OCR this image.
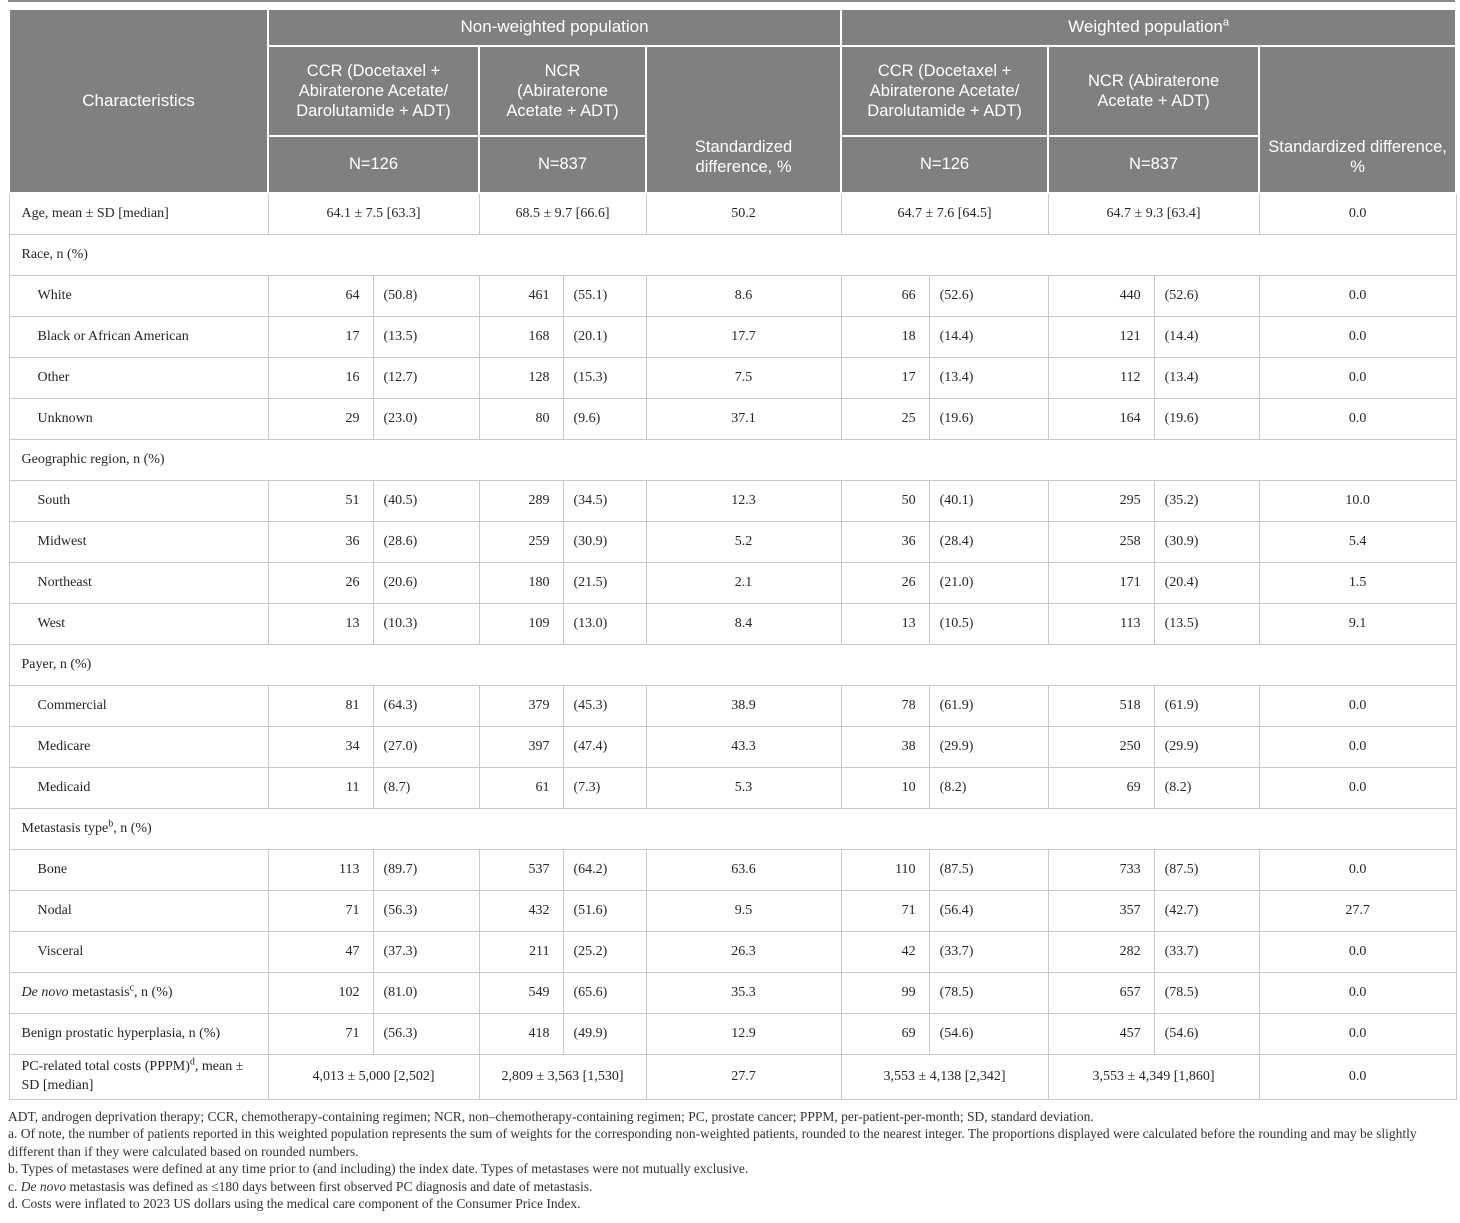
Characteristics	Non-weighted population					Weighted population$^a$
	CCR (Docetaxel + Abiraterone Acetate/ Darolutamide + ADT)		NCR (Abiraterone Acetate + ADT)		Standardized difference, %	CCR (Docetaxel + Abiraterone Acetate/ Darolutamide + ADT)		NCR (Abiraterone Acetate + ADT)		Standardized difference, %
	N=126		N=837			N=126		N=837		
Age, mean ± SD [median]	64.1 ± 7.5 [63.3]		68.5 ± 9.7 [66.6]		50.2	64.7 ± 7.6 [64.5]		64.7 ± 9.3 [63.4]		0.0
Race, n (%)										
White	64	(50.8)	461	(55.1)	8.6	66	(52.6)	440	(52.6)	0.0
Black or African American	17	(13.5)	168	(20.1)	17.7	18	(14.4)	121	(14.4)	0.0
Other	16	(12.7)	128	(15.3)	7.5	17	(13.4)	112	(13.4)	0.0
Unknown	29	(23.0)	80	(9.6)	37.1	25	(19.6)	164	(19.6)	0.0
Geographic region, n (%)										
South	51	(40.5)	289	(34.5)	12.3	50	(40.1)	295	(35.2)	10.0
Midwest	36	(28.6)	259	(30.9)	5.2	36	(28.4)	258	(30.9)	5.4
Northeast	26	(20.6)	180	(21.5)	2.1	26	(21.0)	171	(20.4)	1.5
West	13	(10.3)	109	(13.0)	8.4	13	(10.5)	113	(13.5)	9.1
Payer, n (%)										
Commercial	81	(64.3)	379	(45.3)	38.9	78	(61.9)	518	(61.9)	0.0
Medicare	34	(27.0)	397	(47.4)	43.3	38	(29.9)	250	(29.9)	0.0
Medicaid	11	(8.7)	61	(7.3)	5.3	10	(8.2)	69	(8.2)	0.0
Metastasis type$^b$, n (%)										
Bone	113	(89.7)	537	(64.2)	63.6	110	(87.5)	733	(87.5)	0.0
Nodal	71	(56.3)	432	(51.6)	9.5	71	(56.4)	357	(42.7)	27.7
Visceral	47	(37.3)	211	(25.2)	26.3	42	(33.7)	282	(33.7)	0.0
De novo metastasis$^c$, n (%)	102	(81.0)	549	(65.6)	35.3	99	(78.5)	657	(78.5)	0.0
Benign prostatic hyperplasia, n (%)	71	(56.3)	418	(49.9)	12.9	69	(54.6)	457	(54.6)	0.0
PC-related total costs (PPPM)$^d$, mean ± SD [median]	4,013 ± 5,000 [2,502]		2,809 ± 3,563 [1,530]		27.7	3,553 ± 4,138 [2,342]		3,553 ± 4,349 [1,860]		0.0
ADT, androgen deprivation therapy; CCR, chemotherapy-containing regimen; NCR, non–chemotherapy-containing regimen; PC, prostate cancer; PPPM, per-patient-per-month; SD, standard deviation.
a. Of note, the number of patients reported in this weighted population represents the sum of weights for the corresponding non-weighted patients, rounded to the nearest integer. The proportions displayed were calculated before the rounding and may be slightly different than if they were calculated based on rounded numbers.
b. Types of metastases were defined at any time prior to (and including) the index date. Types of metastases were not mutually exclusive.
c. De novo metastasis was defined as ≤180 days between first observed PC diagnosis and date of metastasis.
d. Costs were inflated to 2023 US dollars using the medical care component of the Consumer Price Index.
